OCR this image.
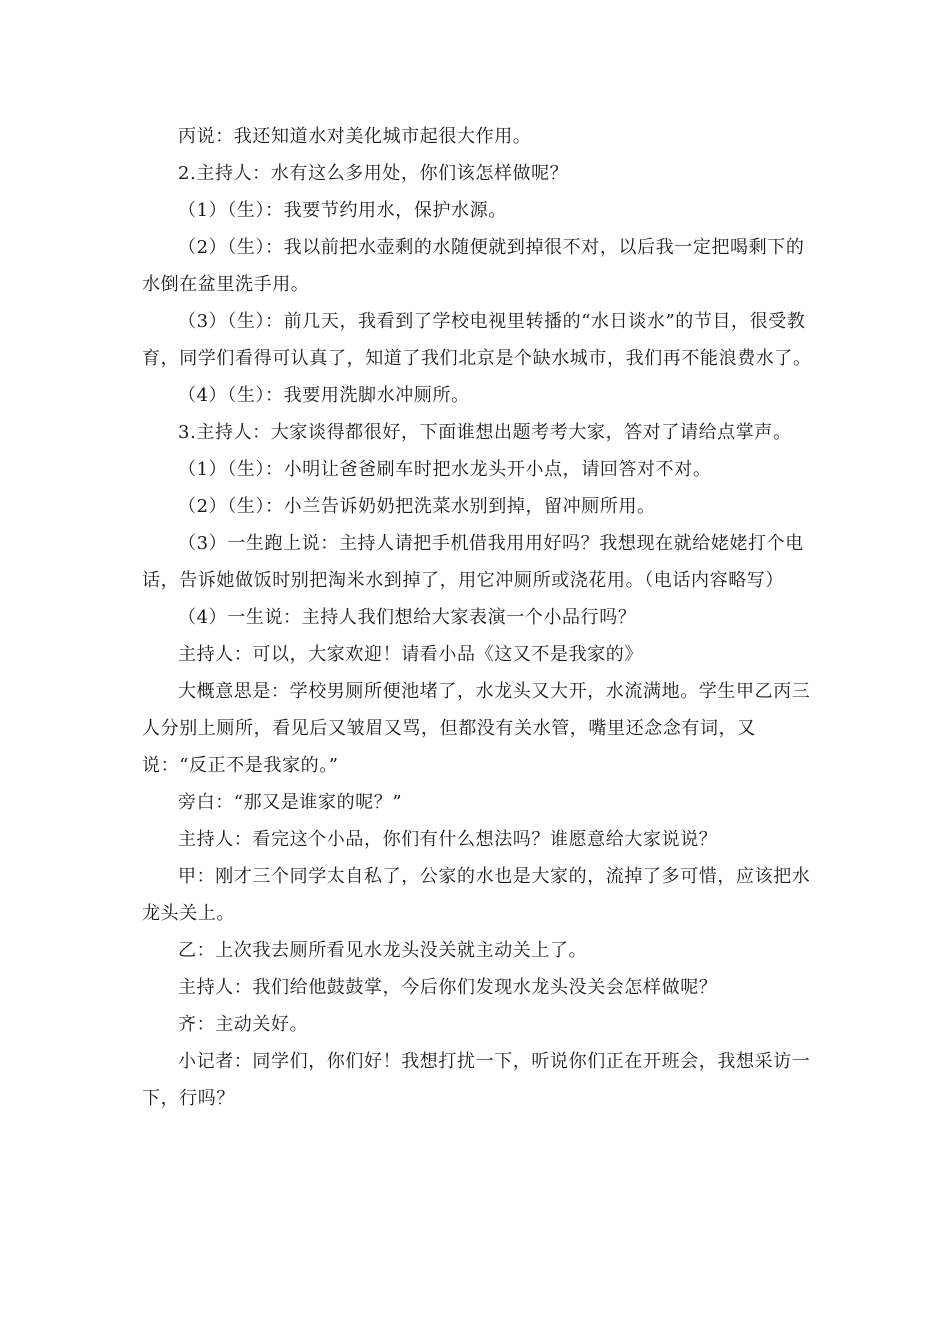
丙说：我还知道水对美化城市起很大作用。

2.主持人：水有这么多用处，你们该怎样做呢？

（1）（生）：我要节约用水，保护水源。

（2）（生）：我以前把水壶剩的水随便就到掉很不对，以后我一定把喝剩下的水倒在盆里洗手用。

（3）（生）：前几天，我看到了学校电视里转播的“水日谈水”的节目，很受教育，同学们看得可认真了，知道了我们北京是个缺水城市，我们再不能浪费水了。

（4）（生）：我要用洗脚水冲厕所。

3.主持人：大家谈得都很好，下面谁想出题考考大家，答对了请给点掌声。

（1）（生）：小明让爸爸刷车时把水龙头开小点，请回答对不对。

（2）（生）：小兰告诉奶奶把洗菜水别到掉，留冲厕所用。

（3）一生跑上说：主持人请把手机借我用用好吗？我想现在就给姥姥打个电话，告诉她做饭时别把淘米水到掉了，用它冲厕所或浇花用。（电话内容略写）

（4）一生说：主持人我们想给大家表演一个小品行吗？

主持人：可以，大家欢迎！请看小品《这又不是我家的》

大概意思是：学校男厕所便池堵了，水龙头又大开，水流满地。学生甲乙丙三人分别上厕所，看见后又皱眉又骂，但都没有关水管，嘴里还念念有词，又说：“反正不是我家的。”

旁白：“那又是谁家的呢？”

主持人：看完这个小品，你们有什么想法吗？谁愿意给大家说说？

甲：刚才三个同学太自私了，公家的水也是大家的，流掉了多可惜，应该把水龙头关上。

乙：上次我去厕所看见水龙头没关就主动关上了。

主持人：我们给他鼓鼓掌，今后你们发现水龙头没关会怎样做呢？

齐：主动关好。

小记者：同学们，你们好！我想打扰一下，听说你们正在开班会，我想采访一下，行吗？
